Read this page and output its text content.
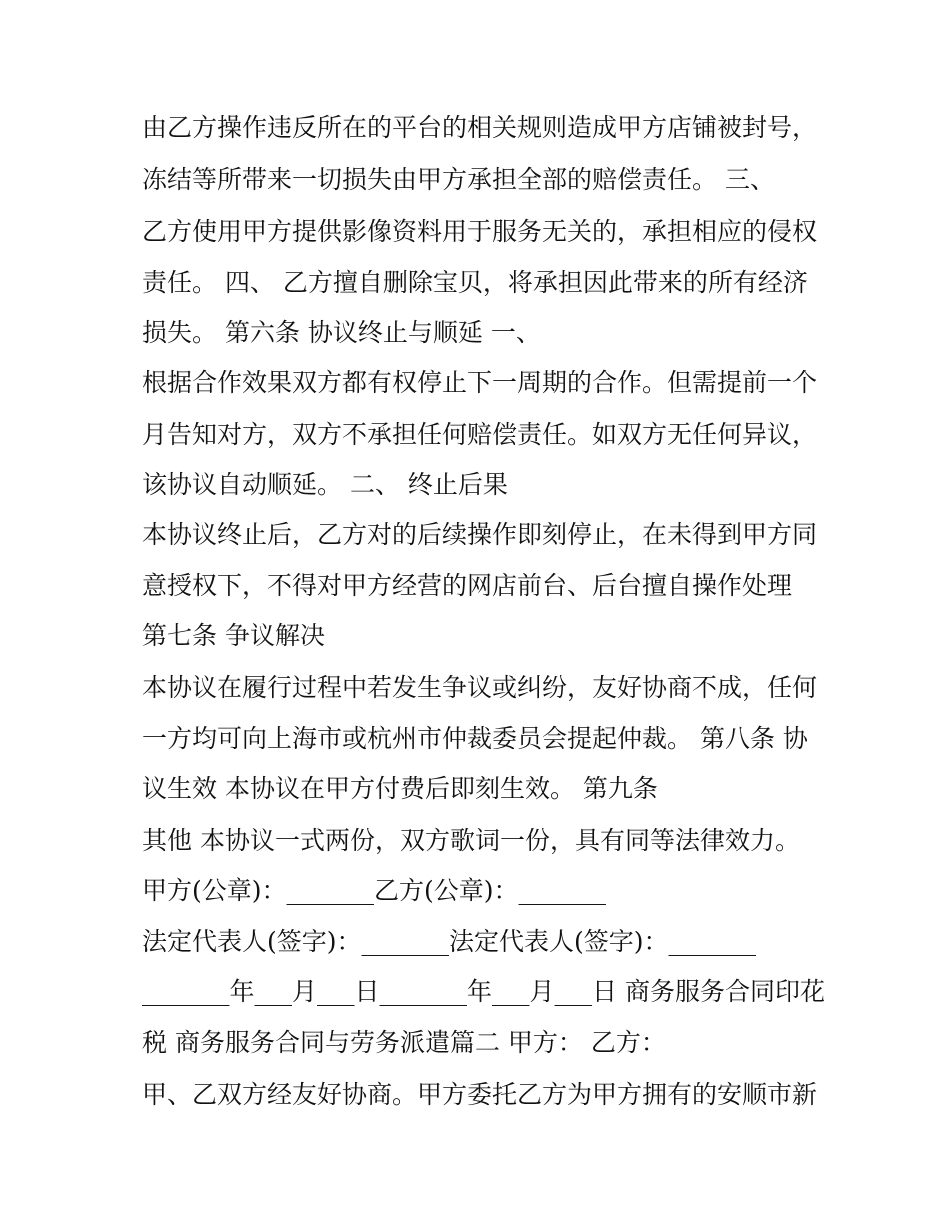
由乙方操作违反所在的平台的相关规则造成甲方店铺被封号，
冻结等所带来一切损失由甲方承担全部的赔偿责任。 三、
乙方使用甲方提供影像资料用于服务无关的，承担相应的侵权
责任。 四、 乙方擅自删除宝贝，将承担因此带来的所有经济
损失。 第六条 协议终止与顺延 一、
根据合作效果双方都有权停止下一周期的合作。但需提前一个
月告知对方，双方不承担任何赔偿责任。如双方无任何异议，
该协议自动顺延。 二、 终止后果
本协议终止后，乙方对的后续操作即刻停止，在未得到甲方同
意授权下，不得对甲方经营的网店前台、后台擅自操作处理
第七条 争议解决
本协议在履行过程中若发生争议或纠纷，友好协商不成，任何
一方均可向上海市或杭州市仲裁委员会提起仲裁。 第八条 协
议生效 本协议在甲方付费后即刻生效。 第九条
其他 本协议一式两份，双方歌词一份，具有同等法律效力。
甲方(公章)：_______乙方(公章)：_______
法定代表人(签字)：_______法定代表人(签字)：_______
_______年___月___日_______年___月___日 商务服务合同印花
税 商务服务合同与劳务派遣篇二 甲方： 乙方：
甲、乙双方经友好协商。甲方委托乙方为甲方拥有的安顺市新
